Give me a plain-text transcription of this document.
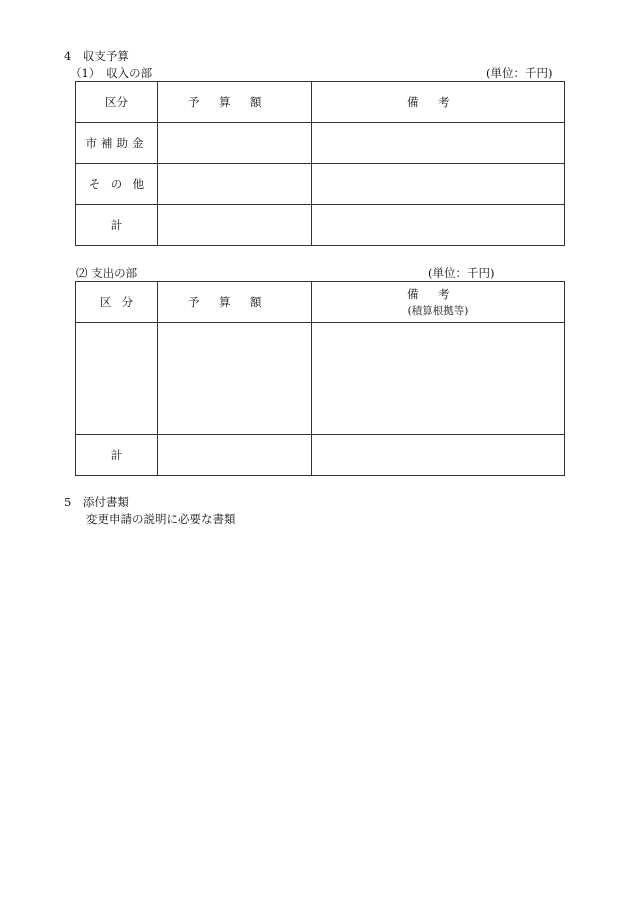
4　収支予算
（1）　収入の部	(単位：千円)
区分	予算額	備考
市補助金		
その他		
計		
⑵ 支出の部	(単位：千円)
区分	予算額	備考
(積算根拠等)

計		
5　添付書類
変更申請の説明に必要な書類
